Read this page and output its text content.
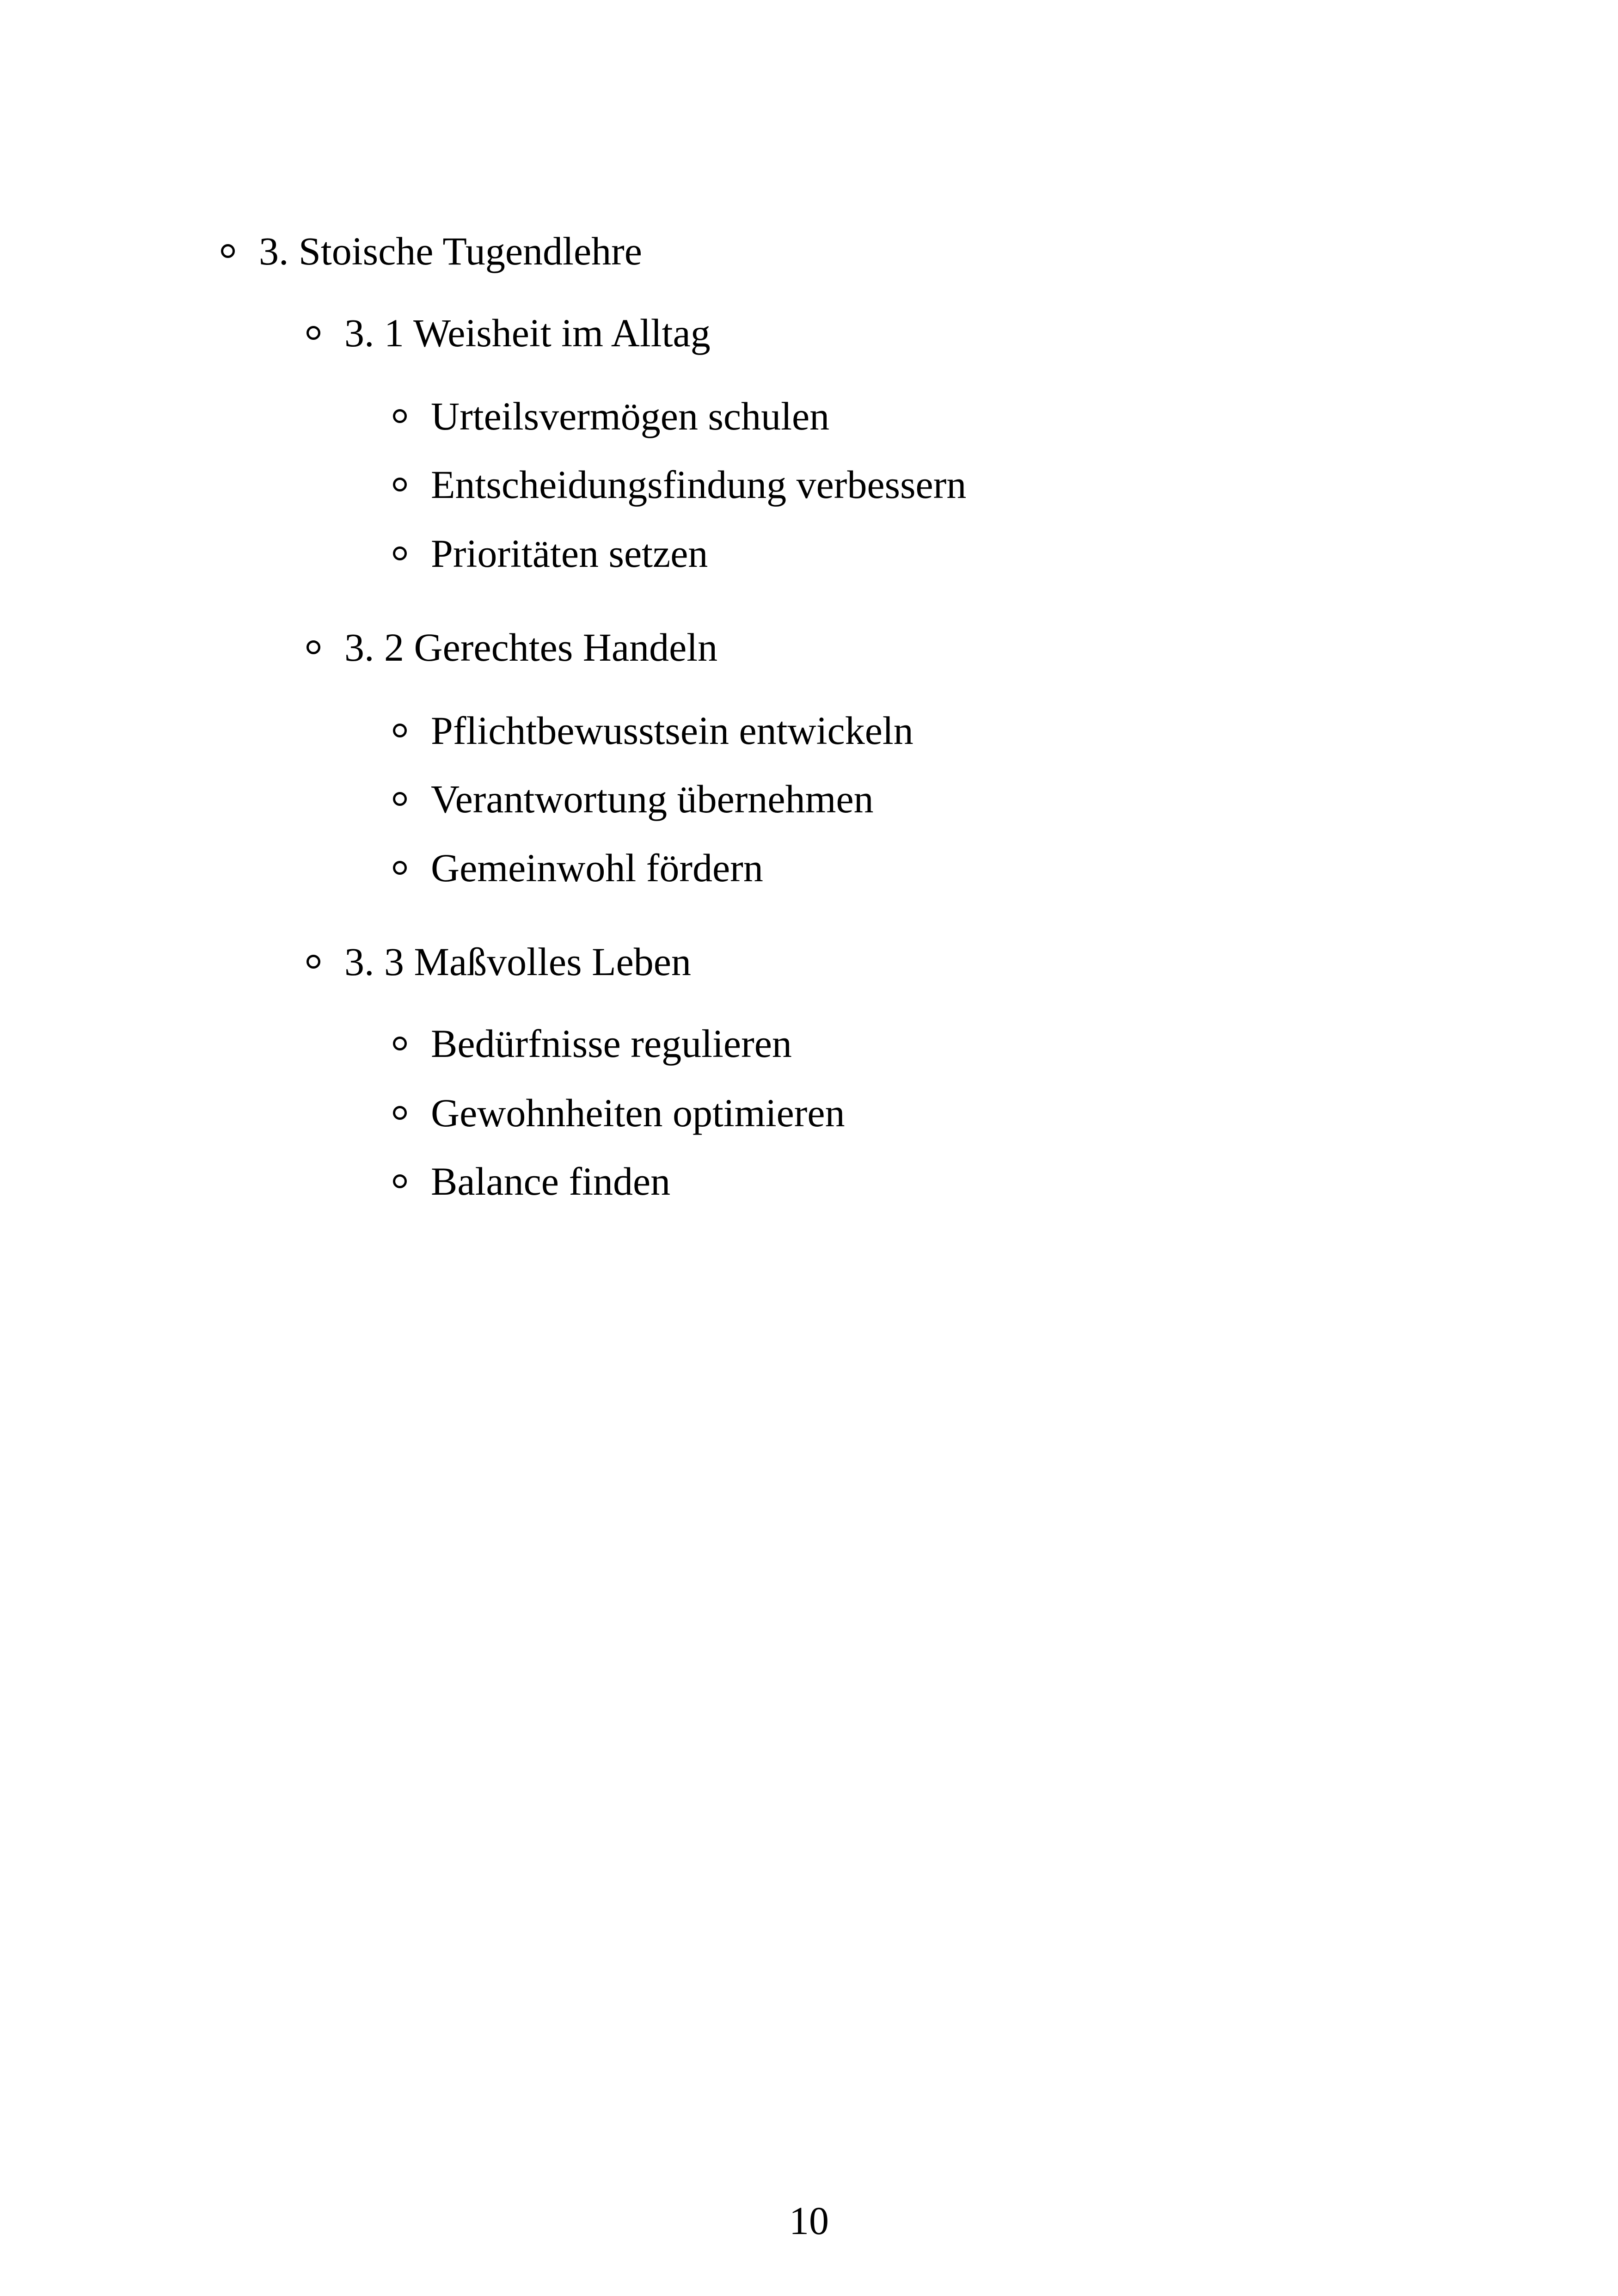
3. Stoische Tugendlehre
3. 1 Weisheit im Alltag
Urteilsvermögen schulen
Entscheidungsfindung verbessern
Prioritäten setzen
3. 2 Gerechtes Handeln
Pflichtbewusstsein entwickeln
Verantwortung übernehmen
Gemeinwohl fördern
3. 3 Maßvolles Leben
Bedürfnisse regulieren
Gewohnheiten optimieren
Balance finden
10
